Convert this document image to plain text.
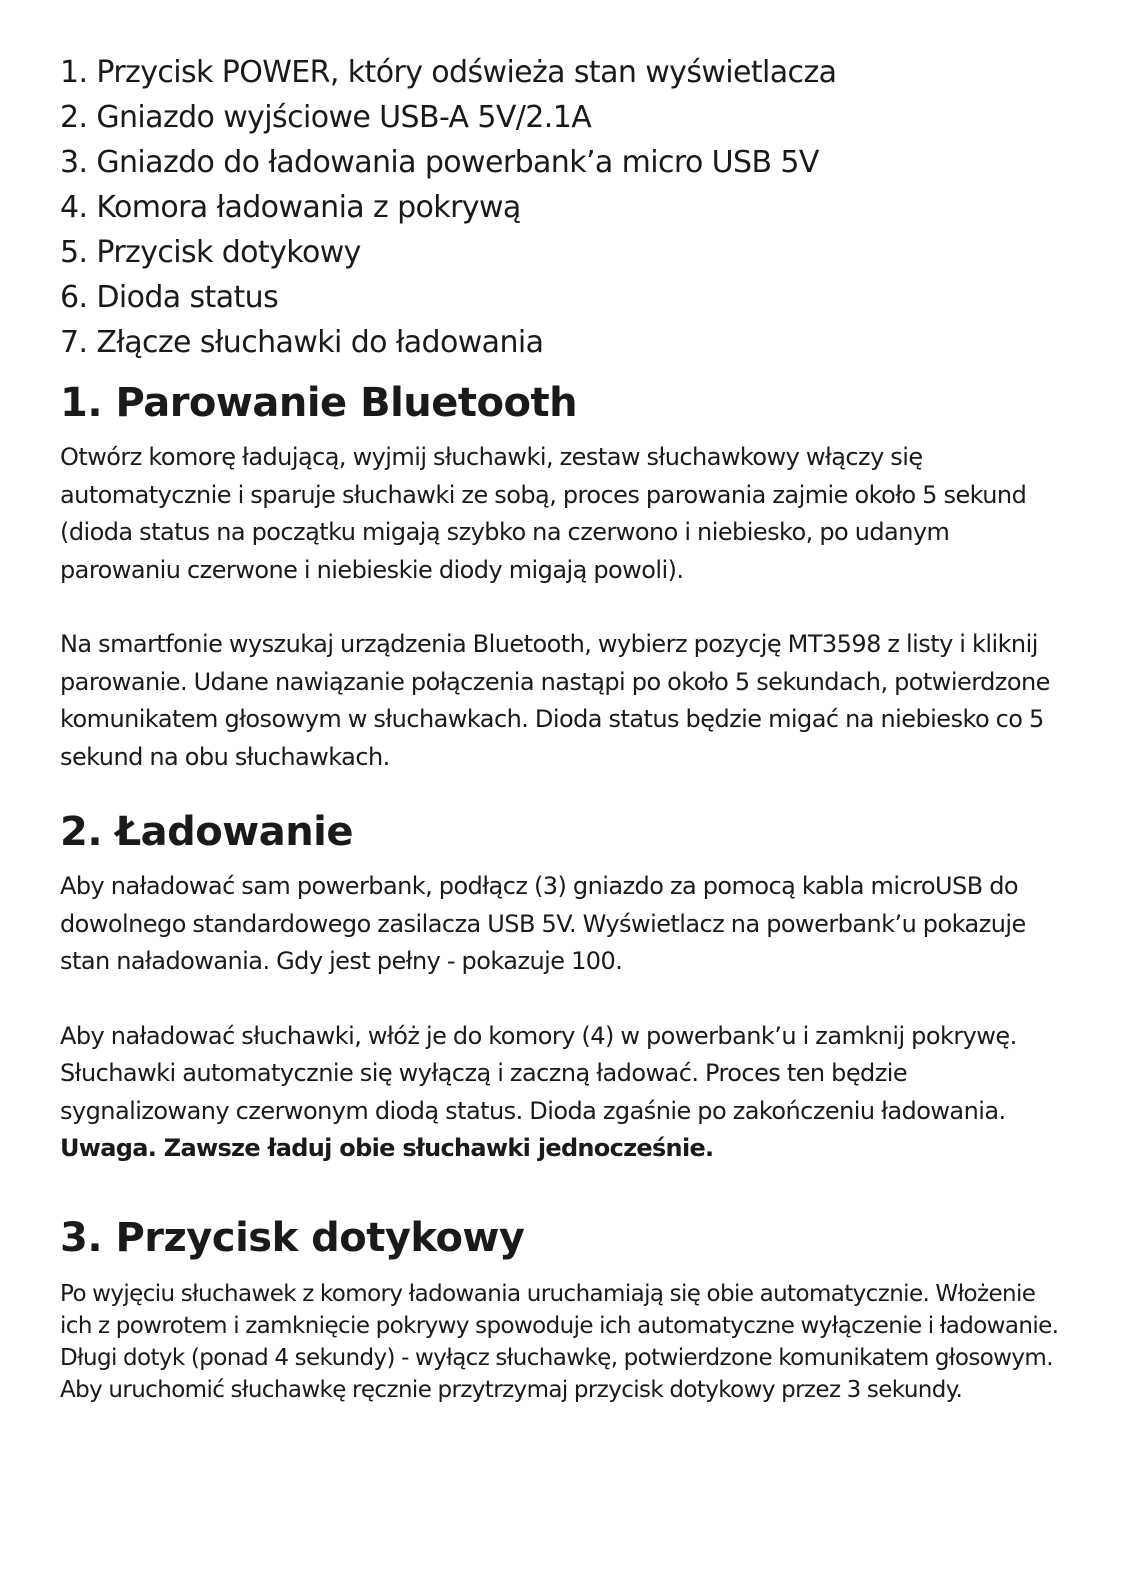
1. Przycisk POWER, który odświeża stan wyświetlacza
2. Gniazdo wyjściowe USB-A 5V/2.1A
3. Gniazdo do ładowania powerbank’a micro USB 5V
4. Komora ładowania z pokrywą
5. Przycisk dotykowy
6. Dioda status
7. Złącze słuchawki do ładowania
1. Parowanie Bluetooth

Otwórz komorę ładującą, wyjmij słuchawki, zestaw słuchawkowy włączy się automatycznie i sparuje słuchawki ze sobą, proces parowania zajmie około 5 sekund (dioda status na początku migają szybko na czerwono i niebiesko, po udanym parowaniu czerwone i niebieskie diody migają powoli).

Na smartfonie wyszukaj urządzenia Bluetooth, wybierz pozycję MT3598 z listy i kliknij parowanie. Udane nawiązanie połączenia nastąpi po około 5 sekundach, potwierdzone komunikatem głosowym w słuchawkach. Dioda status będzie migać na niebiesko co 5 sekund na obu słuchawkach.

2. Ładowanie

Aby naładować sam powerbank, podłącz (3) gniazdo za pomocą kabla microUSB do dowolnego standardowego zasilacza USB 5V. Wyświetlacz na powerbank’u pokazuje stan naładowania. Gdy jest pełny - pokazuje 100.

Aby naładować słuchawki, włóż je do komory (4) w powerbank’u i zamknij pokrywę. Słuchawki automatycznie się wyłączą i zaczną ładować. Proces ten będzie sygnalizowany czerwonym diodą status. Dioda zgaśnie po zakończeniu ładowania.

Uwaga. Zawsze ładuj obie słuchawki jednocześnie.

3. Przycisk dotykowy

Po wyjęciu słuchawek z komory ładowania uruchamiają się obie automatycznie. Włożenie ich z powrotem i zamknięcie pokrywy spowoduje ich automatyczne wyłączenie i ładowanie. Długi dotyk (ponad 4 sekundy) - wyłącz słuchawkę, potwierdzone komunikatem głosowym. Aby uruchomić słuchawkę ręcznie przytrzymaj przycisk dotykowy przez 3 sekundy.
